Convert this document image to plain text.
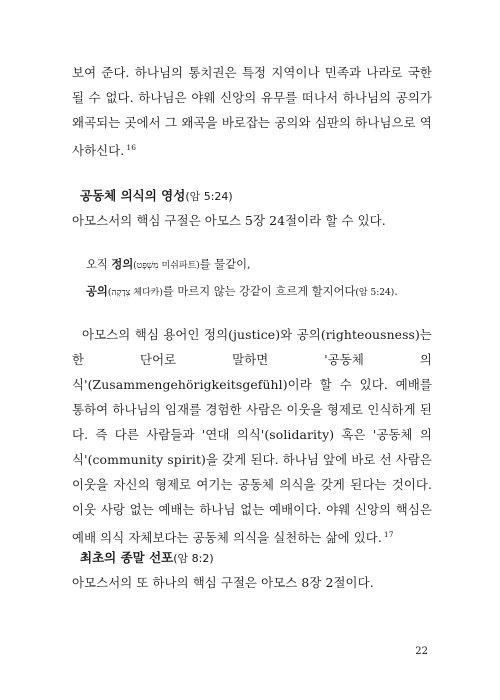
보여 준다. 하나님의 통치권은 특정 지역이나 민족과 나라로 국한될 수 없다. 하나님은 야웨 신앙의 유무를 떠나서 하나님의 공의가 왜곡되는 곳에서 그 왜곡을 바로잡는 공의와 심판의 하나님으로 역사하신다. $^{16}$

공동체 의식의 영성(암 5:24)

아모스서의 핵심 구절은 아모스 5장 24절이라 할 수 있다.

오직 정의(מִשְׁפָּט 미쉬파트)를 물같이,
공의(צְדָקָה 체다카)를 마르지 않는 강같이 흐르게 할지어다(암 5:24).

아모스의 핵심 용어인 정의(justice)와 공의(righteousness)는 한 단어로 말하면 '공동체 의식'(Zusammengehörigkeitsgefühl)이라 할 수 있다. 예배를 통하여 하나님의 임재를 경험한 사람은 이웃을 형제로 인식하게 된다. 즉 다른 사람들과 '연대 의식'(solidarity) 혹은 '공동체 의식'(community spirit)을 갖게 된다. 하나님 앞에 바로 선 사람은 이웃을 자신의 형제로 여기는 공동체 의식을 갖게 된다는 것이다. 이웃 사랑 없는 예배는 하나님 없는 예배이다. 야웨 신앙의 핵심은 예배 의식 자체보다는 공동체 의식을 실천하는 삶에 있다. $^{17}$

최초의 종말 선포(암 8:2)

아모스서의 또 하나의 핵심 구절은 아모스 8장 2절이다.

22
